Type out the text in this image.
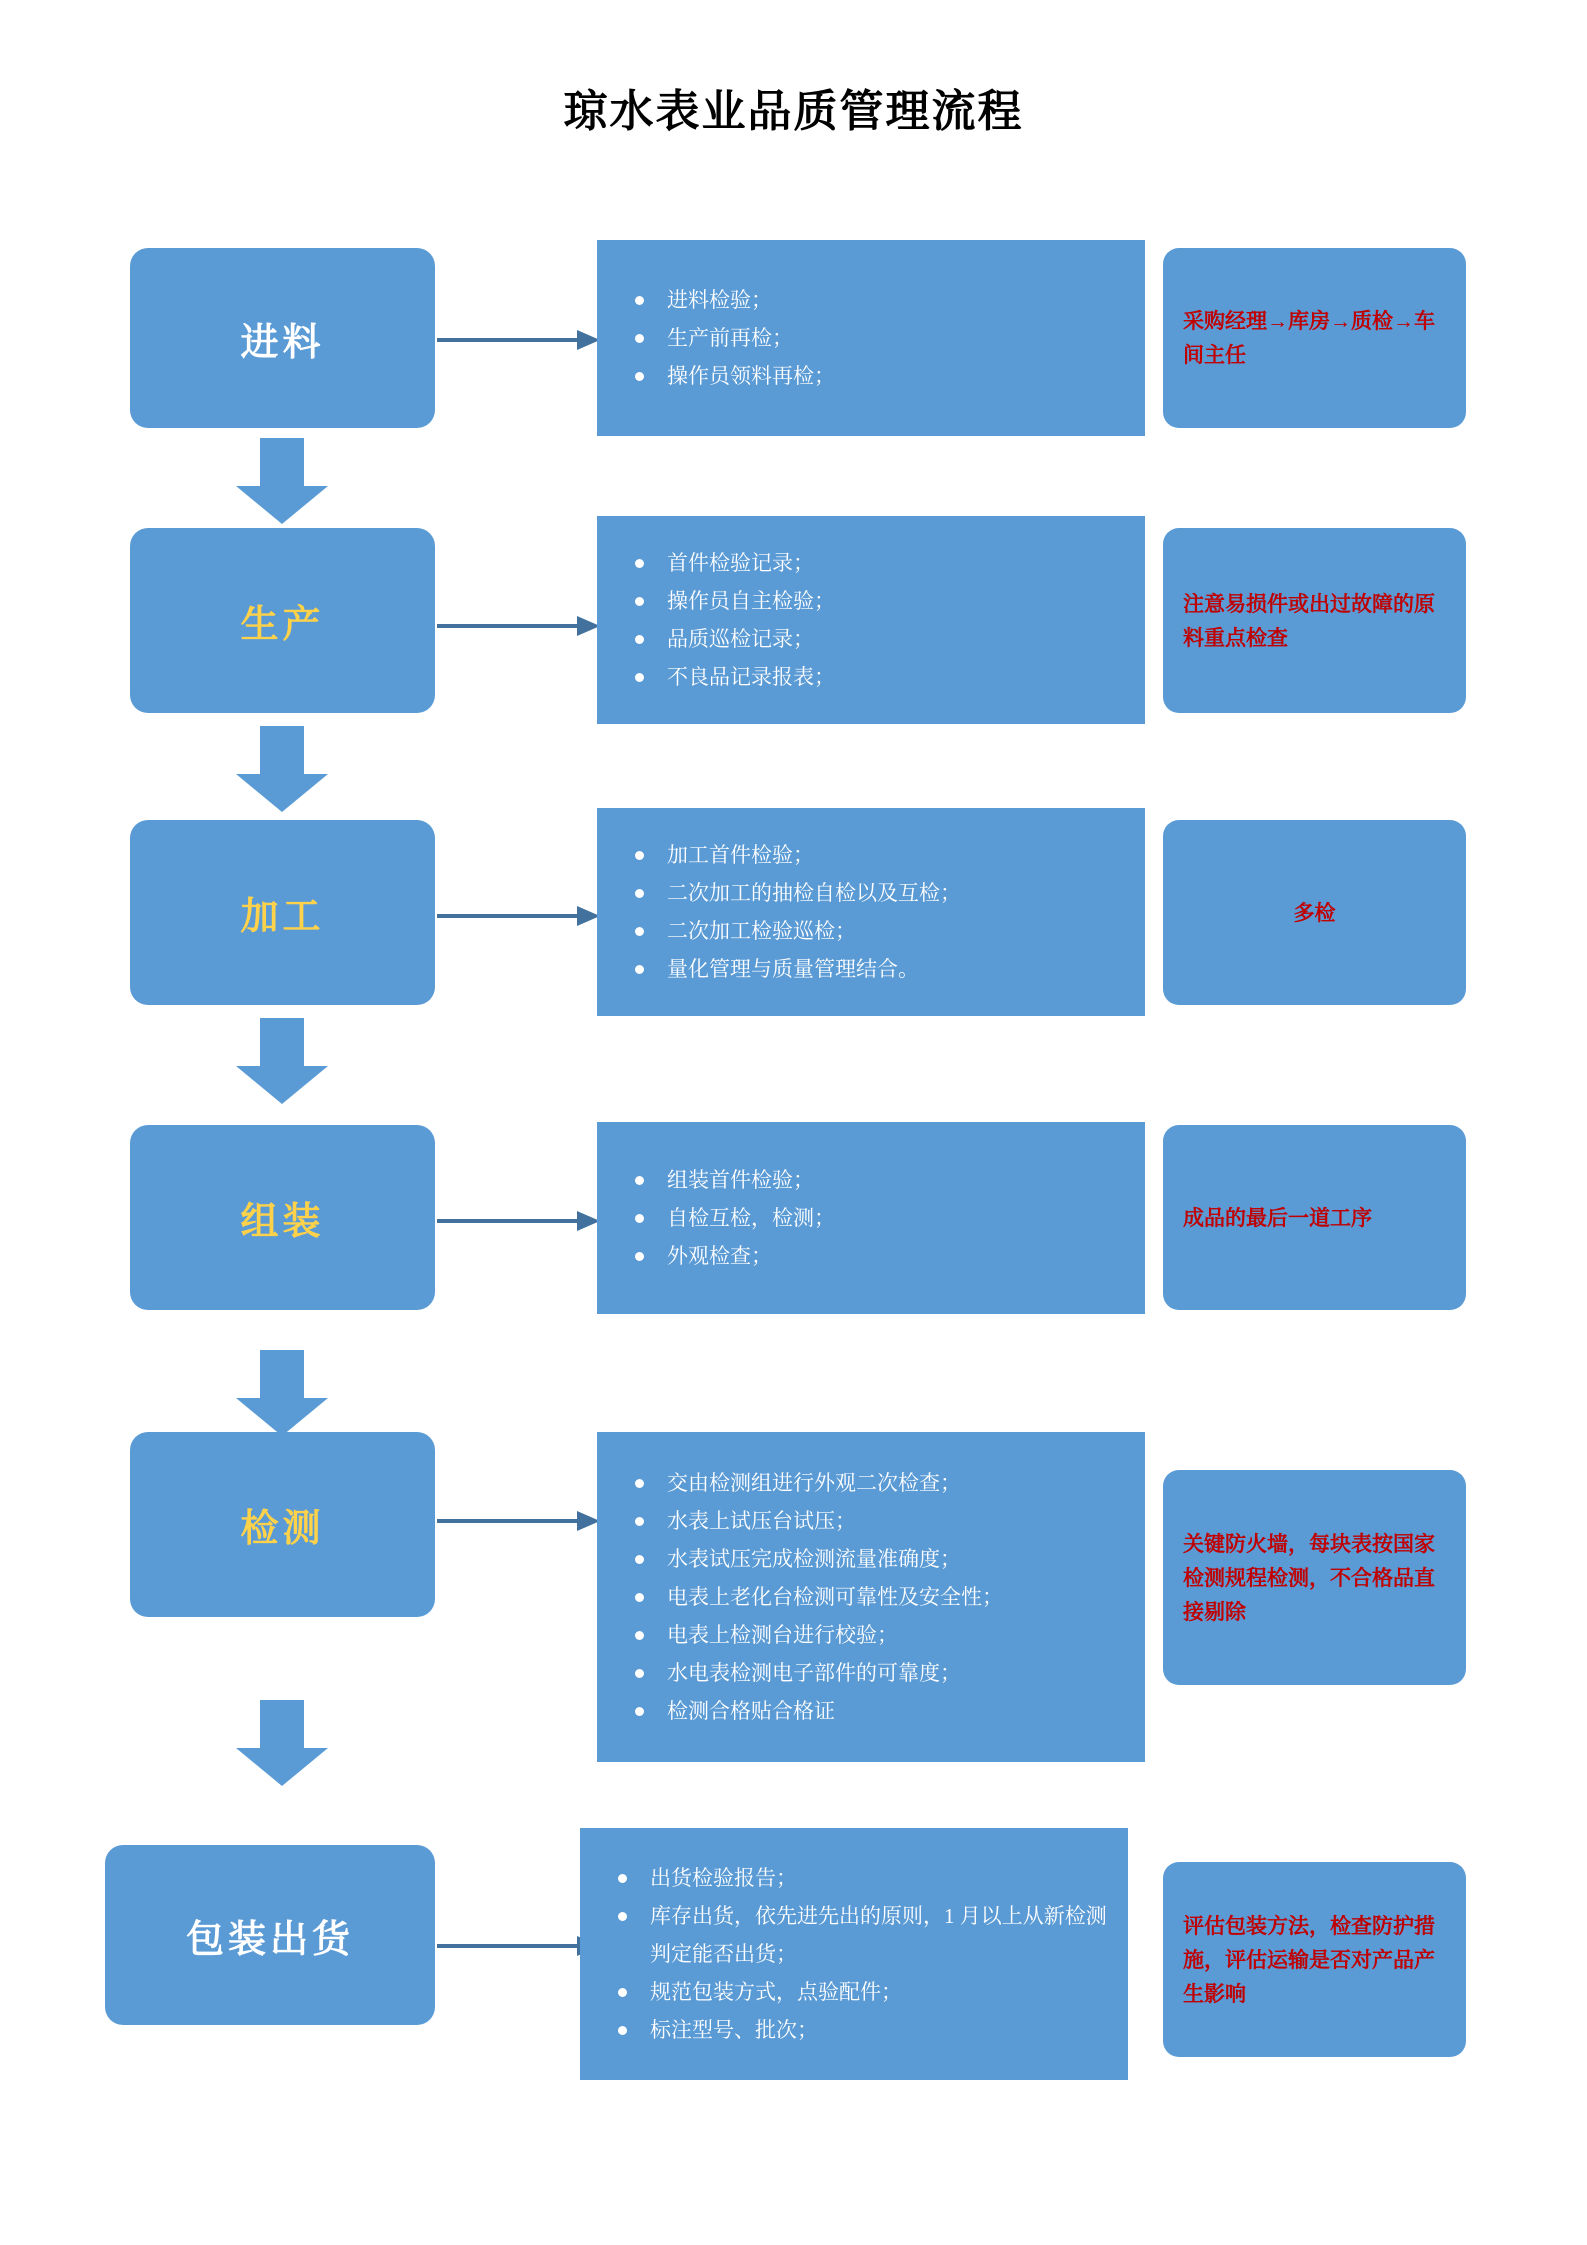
琼水表业品质管理流程
进料
进料检验；
生产前再检；
操作员领料再检；
采购经理→库房→质检→车间主任
生产
首件检验记录；
操作员自主检验；
品质巡检记录；
不良品记录报表；
注意易损件或出过故障的原料重点检查
加工
加工首件检验；
二次加工的抽检自检以及互检；
二次加工检验巡检；
量化管理与质量管理结合。
多检
组装
组装首件检验；
自检互检，检测；
外观检查；
成品的最后一道工序
检测
交由检测组进行外观二次检查；
水表上试压台试压；
水表试压完成检测流量准确度；
电表上老化台检测可靠性及安全性；
电表上检测台进行校验；
水电表检测电子部件的可靠度；
检测合格贴合格证
关键防火墙，每块表按国家检测规程检测，不合格品直接剔除
包装出货
出货检验报告；
库存出货，依先进先出的原则，1 月以上从新检测判定能否出货；
规范包装方式，点验配件；
标注型号、批次；
评估包装方法，检查防护措施，评估运输是否对产品产生影响
